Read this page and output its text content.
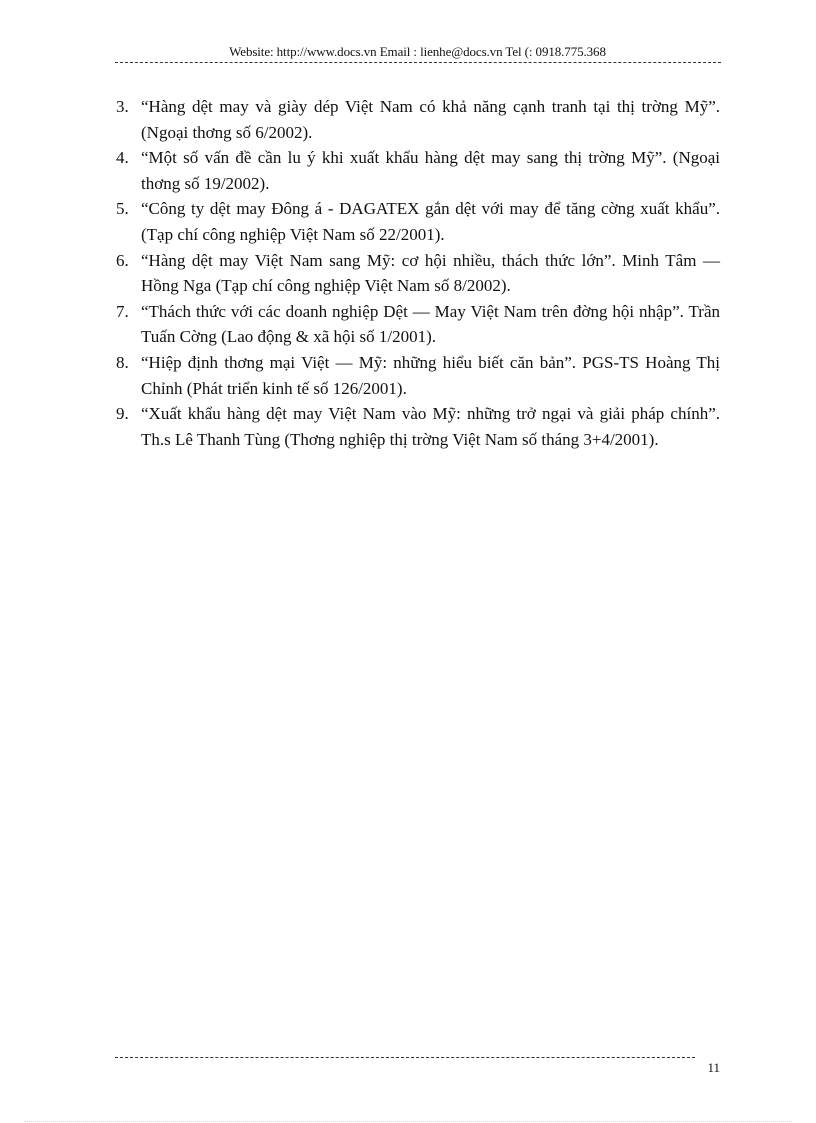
Website: http://www.docs.vn Email : lienhe@docs.vn Tel (: 0918.775.368
3. “Hàng dệt may và giày dép Việt Nam có khả năng cạnh tranh tại thị trờng Mỹ”. (Ngoại thơng số 6/2002).
4. “Một số vấn đề cần lu ý khi xuất khẩu hàng dệt may sang thị trờng Mỹ”. (Ngoại thơng số 19/2002).
5. “Công ty dệt may Đông á - DAGATEX gắn dệt với may để tăng cờng xuất khẩu”. (Tạp chí công nghiệp Việt Nam số 22/2001).
6. “Hàng dệt may Việt Nam sang Mỹ: cơ hội nhiều, thách thức lớn”. Minh Tâm — Hồng Nga (Tạp chí công nghiệp Việt Nam số 8/2002).
7. “Thách thức với các doanh nghiệp Dệt — May Việt Nam trên đờng hội nhập”. Trần Tuấn Cờng (Lao động & xã hội số 1/2001).
8. “Hiệp định thơng mại Việt — Mỹ: những hiểu biết căn bản”. PGS-TS Hoàng Thị Chỉnh (Phát triển kinh tế số 126/2001).
9. “Xuất khẩu hàng dệt may Việt Nam vào Mỹ: những trở ngại và giải pháp chính”. Th.s Lê Thanh Tùng (Thơng nghiệp thị trờng Việt Nam số tháng 3+4/2001).
11
